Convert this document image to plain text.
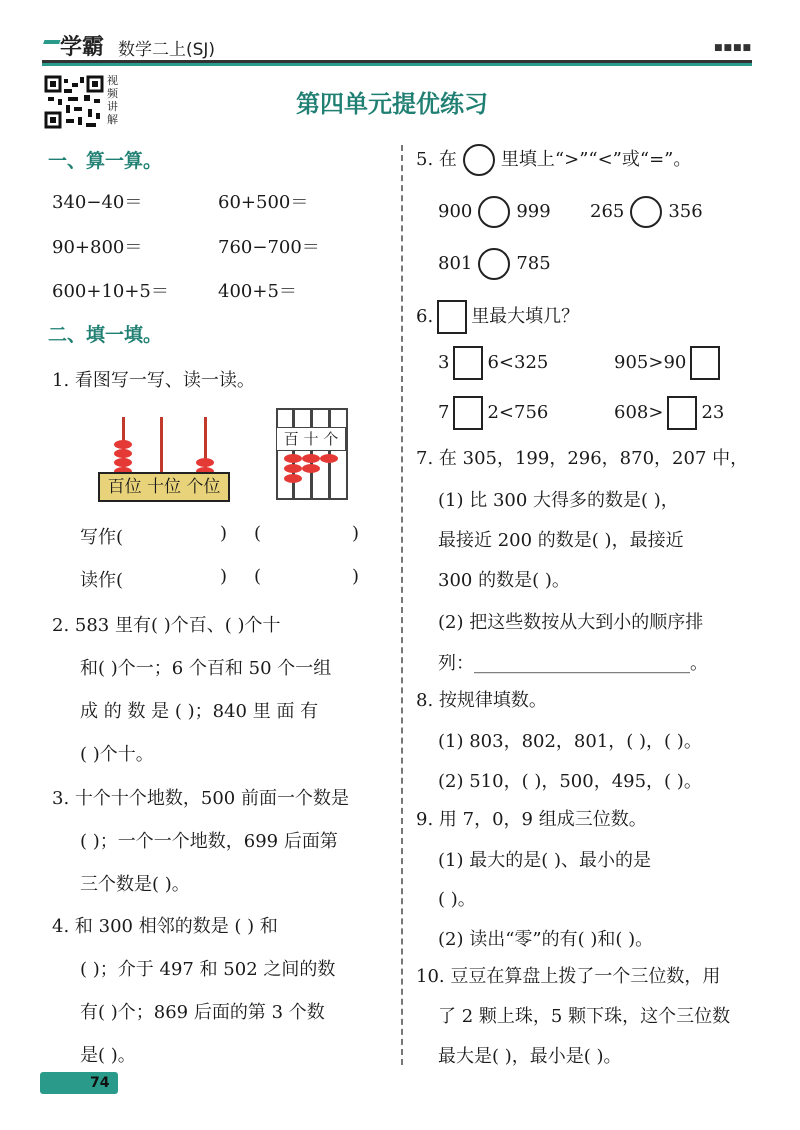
学霸 数学二上(SJ)	■■■■
视频讲解
第四单元提优练习
一、算一算。
340−40＝	60+500＝
90+800＝	760−700＝
600+10+5＝	400+5＝
二、填一填。
1. 看图写一写、读一读。
百位 十位 个位
百 十 个
写作(	) (	)
读作(	) (	)
2. 583 里有( )个百、( )个十
和( )个一；6 个百和 50 个一组
成 的 数 是 ( )；840 里 面 有
( )个十。
3. 十个十个地数，500 前面一个数是
( )；一个一个地数，699 后面第
三个数是( )。
4. 和 300 相邻的数是 ( ) 和
( )；介于 497 和 502 之间的数
有( )个；869 后面的第 3 个数
是( )。
5. 在 里填上“>”“<”或“=”。
900 999 265 356
801 785
6. 里最大填几？
3 6<325	905>90
7 2<756	608> 23
7. 在 305，199，296，870，207 中，
(1) 比 300 大得多的数是( )，
最接近 200 的数是( )，最接近
300 的数是( )。
(2) 把这些数按从大到小的顺序排
列：________________________。
8. 按规律填数。
(1) 803，802，801，( )，( )。
(2) 510，( )，500，495，( )。
9. 用 7，0，9 组成三位数。
(1) 最大的是( )、最小的是
( )。
(2) 读出“零”的有( )和( )。
10. 豆豆在算盘上拨了一个三位数，用
了 2 颗上珠，5 颗下珠，这个三位数
最大是( )，最小是( )。
74
